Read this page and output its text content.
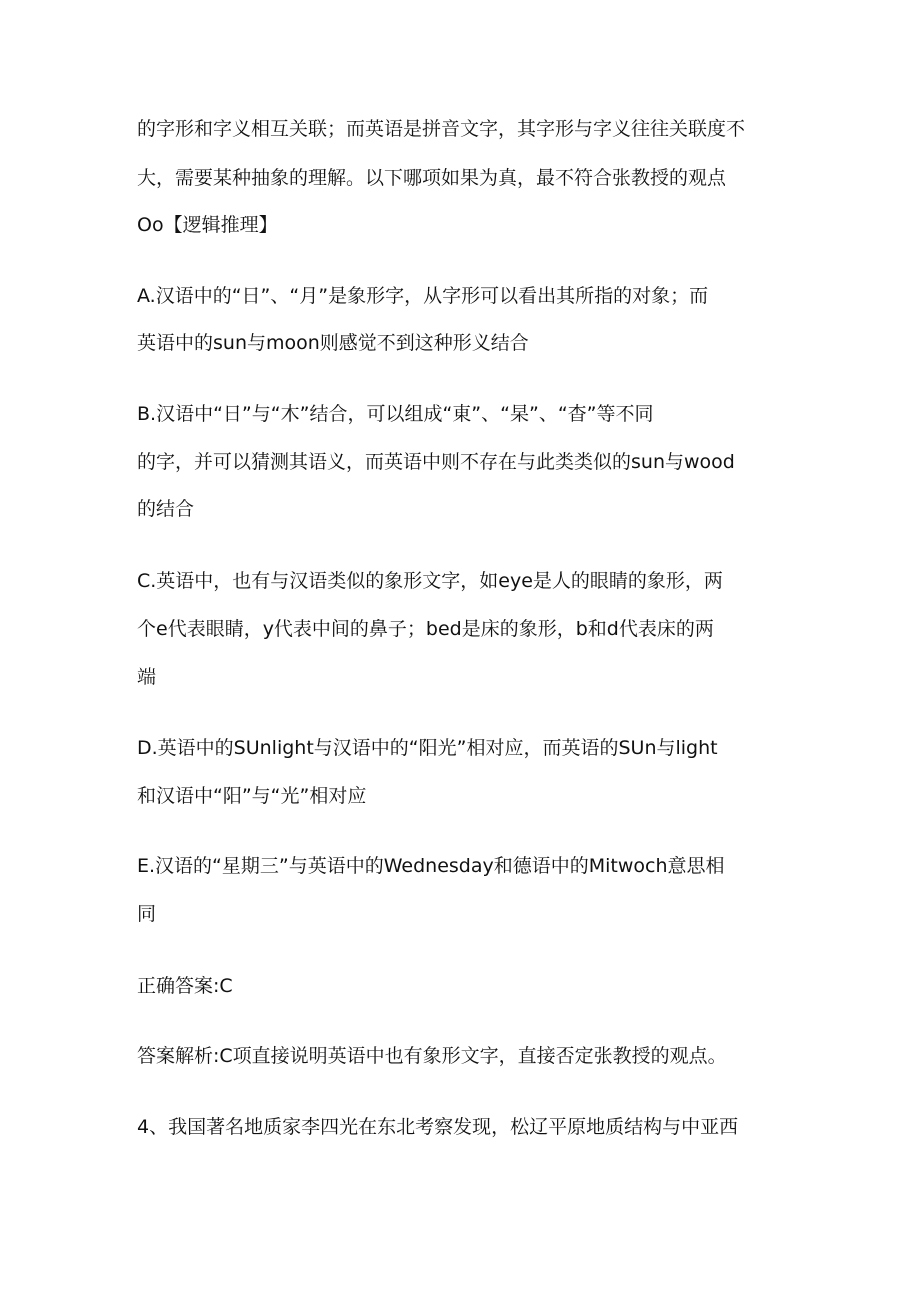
的字形和字义相互关联；而英语是拼音文字，其字形与字义往往关联度不
大，需要某种抽象的理解。以下哪项如果为真，最不符合张教授的观点
Oo【逻辑推理】
A.汉语中的“日”、“月”是象形字，从字形可以看出其所指的对象；而
英语中的sun与moon则感觉不到这种形义结合
B.汉语中“日”与“木”结合，可以组成“東”、“杲”、“杳”等不同
的字，并可以猜测其语义，而英语中则不存在与此类类似的sun与wood
的结合
C.英语中，也有与汉语类似的象形文字，如eye是人的眼睛的象形，两
个e代表眼睛，y代表中间的鼻子；bed是床的象形，b和d代表床的两
端
D.英语中的SUnlight与汉语中的“阳光”相对应，而英语的SUn与light
和汉语中“阳”与“光”相对应
E.汉语的“星期三”与英语中的Wednesday和德语中的Mitwoch意思相
同
正确答案:C
答案解析:C项直接说明英语中也有象形文字，直接否定张教授的观点。
4、我国著名地质家李四光在东北考察发现，松辽平原地质结构与中亚西
